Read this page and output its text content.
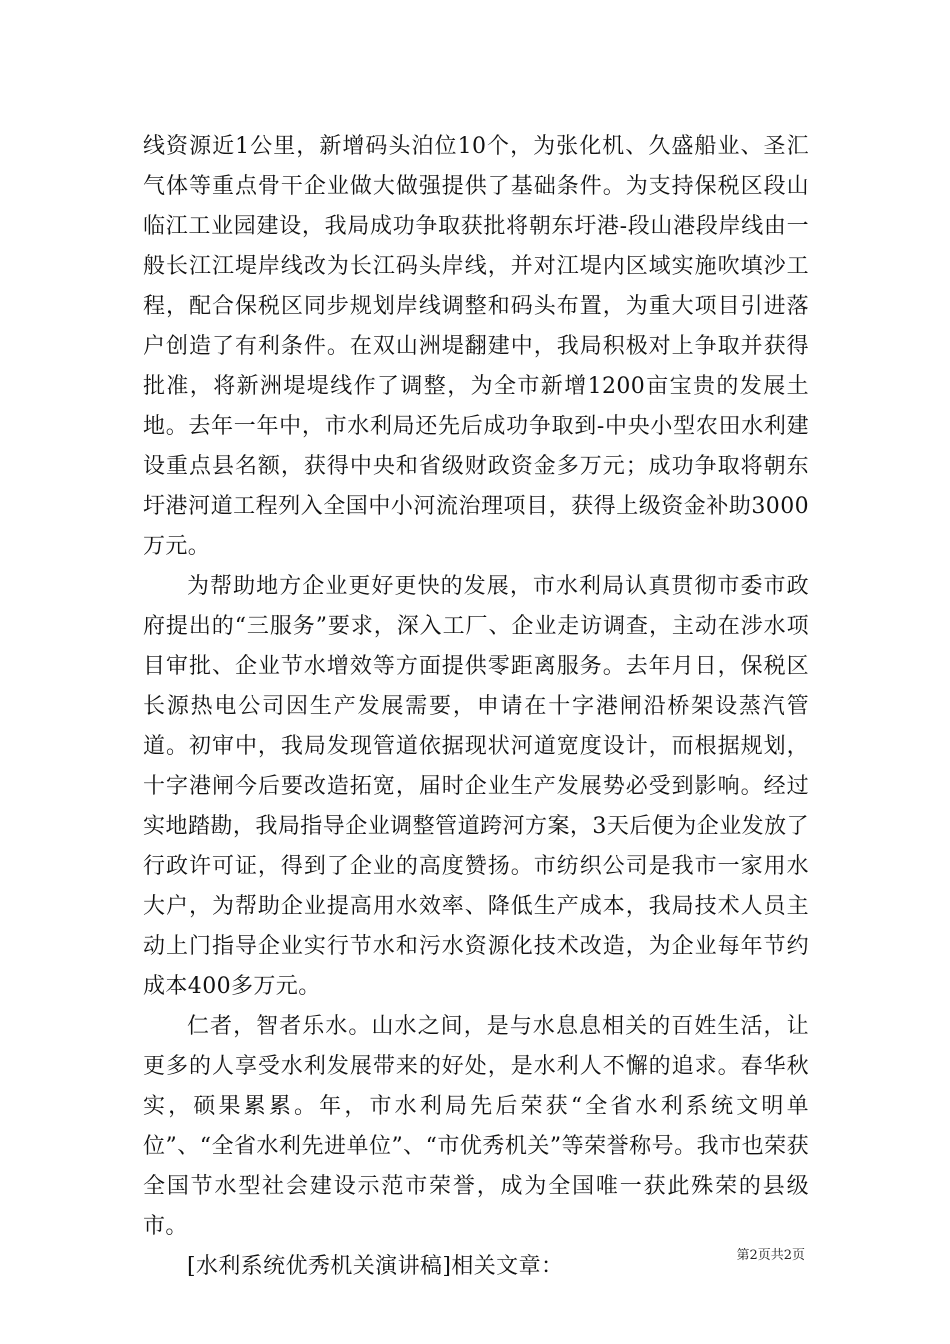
线资源近1公里，新增码头泊位10个，为张化机、久盛船业、圣汇气体等重点骨干企业做大做强提供了基础条件。为支持保税区段山临江工业园建设，我局成功争取获批将朝东圩港-段山港段岸线由一般长江江堤岸线改为长江码头岸线，并对江堤内区域实施吹填沙工程，配合保税区同步规划岸线调整和码头布置，为重大项目引进落户创造了有利条件。在双山洲堤翻建中，我局积极对上争取并获得批准，将新洲堤堤线作了调整，为全市新增1200亩宝贵的发展土地。去年一年中，市水利局还先后成功争取到-中央小型农田水利建设重点县名额，获得中央和省级财政资金多万元；成功争取将朝东圩港河道工程列入全国中小河流治理项目，获得上级资金补助3000万元。

为帮助地方企业更好更快的发展，市水利局认真贯彻市委市政府提出的“三服务”要求，深入工厂、企业走访调查，主动在涉水项目审批、企业节水增效等方面提供零距离服务。去年月日，保税区长源热电公司因生产发展需要，申请在十字港闸沿桥架设蒸汽管道。初审中，我局发现管道依据现状河道宽度设计，而根据规划，十字港闸今后要改造拓宽，届时企业生产发展势必受到影响。经过实地踏勘，我局指导企业调整管道跨河方案，3天后便为企业发放了行政许可证，得到了企业的高度赞扬。市纺织公司是我市一家用水大户，为帮助企业提高用水效率、降低生产成本，我局技术人员主动上门指导企业实行节水和污水资源化技术改造，为企业每年节约成本400多万元。

仁者，智者乐水。山水之间，是与水息息相关的百姓生活，让更多的人享受水利发展带来的好处，是水利人不懈的追求。春华秋实，硕果累累。年，市水利局先后荣获“全省水利系统文明单位”、“全省水利先进单位”、“市优秀机关”等荣誉称号。我市也荣获全国节水型社会建设示范市荣誉，成为全国唯一获此殊荣的县级市。

[水利系统优秀机关演讲稿]相关文章：	第2页共2页
